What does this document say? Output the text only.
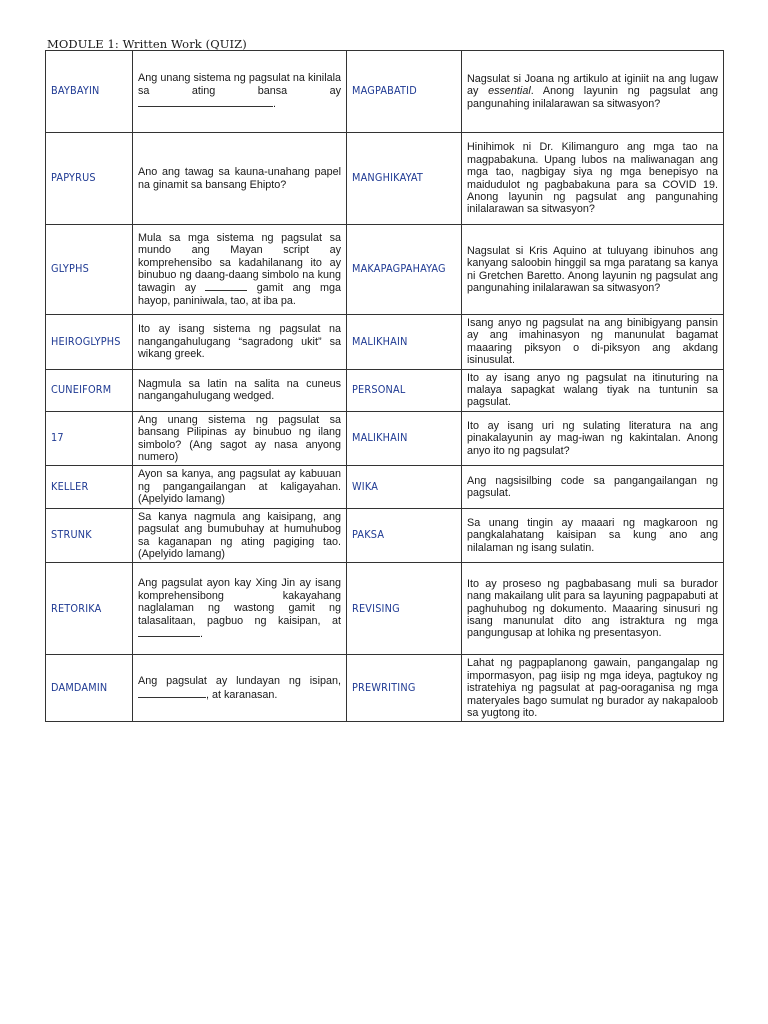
MODULE 1: Written Work (QUIZ)
BAYBAYIN	Ang unang sistema ng pagsulat na kinilala sa ating bansa ay .	MAGPABATID	Nagsulat si Joana ng artikulo at iginiit na ang lugaw ay essential. Anong layunin ng pagsulat ang pangunahing inilalarawan sa sitwasyon?
PAPYRUS	Ano ang tawag sa kauna-unahang papel na ginamit sa bansang Ehipto?	MANGHIKAYAT	Hinihimok ni Dr. Kilimanguro ang mga tao na magpabakuna. Upang lubos na maliwanagan ang mga tao, nagbigay siya ng mga benepisyo na maidudulot ng pagbabakuna para sa COVID 19. Anong layunin ng pagsulat ang pangunahing inilalarawan sa sitwasyon?
GLYPHS	Mula sa mga sistema ng pagsulat sa mundo ang Mayan script ay komprehensibo sa kadahilanang ito ay binubuo ng daang-daang simbolo na kung tawagin ay gamit ang mga hayop, paniniwala, tao, at iba pa.	MAKAPAGPAHAYAG	Nagsulat si Kris Aquino at tuluyang ibinuhos ang kanyang saloobin hinggil sa mga paratang sa kanya ni Gretchen Baretto. Anong layunin ng pagsulat ang pangunahing inilalarawan sa sitwasyon?
HEIROGLYPHS	Ito ay isang sistema ng pagsulat na nangangahulugang “sagradong ukit” sa wikang greek.	MALIKHAIN	Isang anyo ng pagsulat na ang binibigyang pansin ay ang imahinasyon ng manunulat bagamat maaaring piksyon o di-piksyon ang akdang isinusulat.
CUNEIFORM	Nagmula sa latin na salita na cuneus nangangahulugang wedged.	PERSONAL	Ito ay isang anyo ng pagsulat na itinuturing na malaya sapagkat walang tiyak na tuntunin sa pagsulat.
17	Ang unang sistema ng pagsulat sa bansang Pilipinas ay binubuo ng ilang simbolo? (Ang sagot ay nasa anyong numero)	MALIKHAIN	Ito ay isang uri ng sulating literatura na ang pinakalayunin ay mag-iwan ng kakintalan. Anong anyo ito ng pagsulat?
KELLER	Ayon sa kanya, ang pagsulat ay kabuuan ng pangangailangan at kaligayahan. (Apelyido lamang)	WIKA	Ang nagsisilbing code sa pangangailangan ng pagsulat.
STRUNK	Sa kanya nagmula ang kaisipang, ang pagsulat ang bumubuhay at humuhubog sa kaganapan ng ating pagiging tao. (Apelyido lamang)	PAKSA	Sa unang tingin ay maaari ng magkaroon ng pangkalahatang kaisipan sa kung ano ang nilalaman ng isang sulatin.
RETORIKA	Ang pagsulat ayon kay Xing Jin ay isang komprehensibong kakayahang naglalaman ng wastong gamit ng talasalitaan, pagbuo ng kaisipan, at .	REVISING	Ito ay proseso ng pagbabasang muli sa burador nang makailang ulit para sa layuning pagpapabuti at paghuhubog ng dokumento. Maaaring sinusuri ng isang manunulat dito ang istraktura ng mga pangungusap at lohika ng presentasyon.
DAMDAMIN	Ang pagsulat ay lundayan ng isipan, , at karanasan.	PREWRITING	Lahat ng pagpaplanong gawain, pangangalap ng impormasyon, pag iisip ng mga ideya, pagtukoy ng istratehiya ng pagsulat at pag-ooraganisa ng mga materyales bago sumulat ng burador ay nakapaloob sa yugtong ito.
